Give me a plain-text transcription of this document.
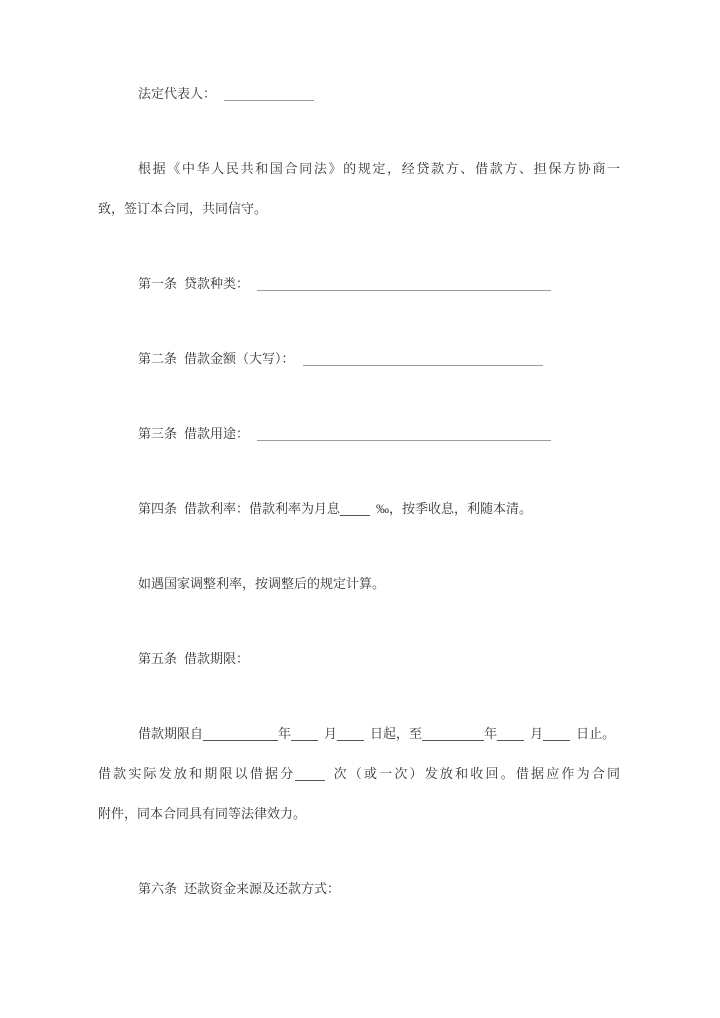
法定代表人：

根据《中华人民共和国合同法》的规定，经贷款方、借款方、担保方协商一
致，签订本合同，共同信守。

第一条 贷款种类：

第二条 借款金额（大写）：

第三条 借款用途：

第四条 借款利率：借款利率为月息	‰，按季收息，利随本清。

如遇国家调整利率，按调整后的规定计算。

第五条 借款期限：

借款期限自	年	月	日起，至	年	月	日止。
借款实际发放和期限以借据分	次（或一次）发放和收回。借据应作为合同
附件，同本合同具有同等法律效力。

第六条 还款资金来源及还款方式：
